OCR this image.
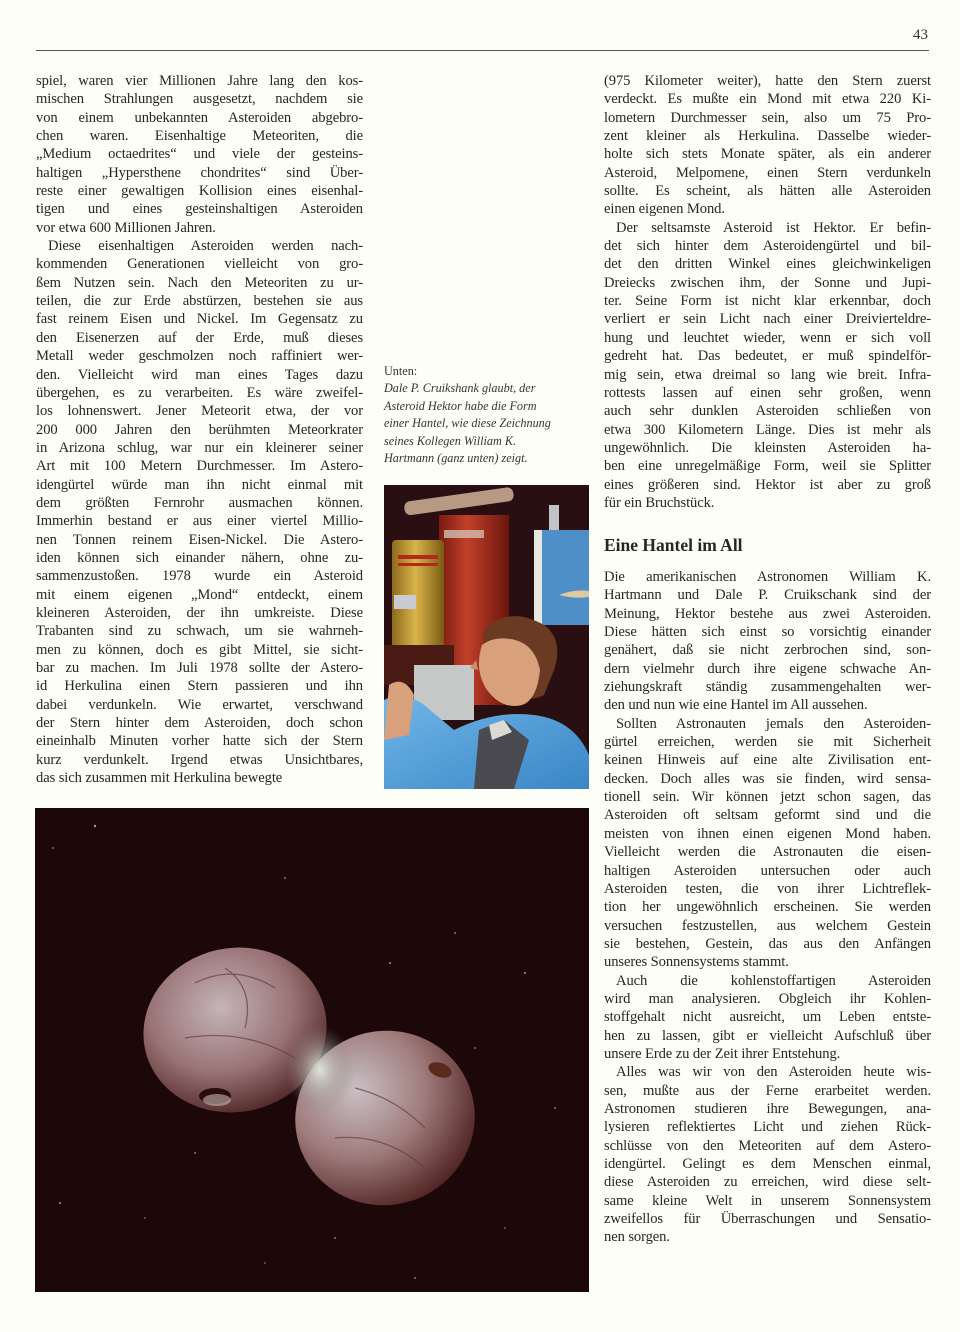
43
spiel, waren vier Millionen Jahre lang den kos-
mischen Strahlungen ausgesetzt, nachdem sie
von einem unbekannten Asteroiden abgebro-
chen waren. Eisenhaltige Meteoriten, die
„Medium octaedrites“ und viele der gesteins-
haltigen „Hypersthene chondrites“ sind Über-
reste einer gewaltigen Kollision eines eisenhal-
tigen und eines gesteinshaltigen Asteroiden
vor etwa 600 Millionen Jahren.
Diese eisenhaltigen Asteroiden werden nach-
kommenden Generationen vielleicht von gro-
ßem Nutzen sein. Nach den Meteoriten zu ur-
teilen, die zur Erde abstürzen, bestehen sie aus
fast reinem Eisen und Nickel. Im Gegensatz zu
den Eisenerzen auf der Erde, muß dieses
Metall weder geschmolzen noch raffiniert wer-
den. Vielleicht wird man eines Tages dazu
übergehen, es zu verarbeiten. Es wäre zweifel-
los lohnenswert. Jener Meteorit etwa, der vor
200 000 Jahren den berühmten Meteorkrater
in Arizona schlug, war nur ein kleinerer seiner
Art mit 100 Metern Durchmesser. Im Astero-
idengürtel würde man ihn nicht einmal mit
dem größten Fernrohr ausmachen können.
Immerhin bestand er aus einer viertel Millio-
nen Tonnen reinem Eisen-Nickel. Die Astero-
iden können sich einander nähern, ohne zu-
sammenzustoßen. 1978 wurde ein Asteroid
mit einem eigenen „Mond“ entdeckt, einem
kleineren Asteroiden, der ihn umkreiste. Diese
Trabanten sind zu schwach, um sie wahrneh-
men zu können, doch es gibt Mittel, sie sicht-
bar zu machen. Im Juli 1978 sollte der Astero-
id Herkulina einen Stern passieren und ihn
dabei verdunkeln. Wie erwartet, verschwand
der Stern hinter dem Asteroiden, doch schon
eineinhalb Minuten vorher hatte sich der Stern
kurz verdunkelt. Irgend etwas Unsichtbares,
das sich zusammen mit Herkulina bewegte
Unten:
Dale P. Cruikshank glaubt, der
Asteroid Hektor habe die Form
einer Hantel, wie diese Zeichnung
seines Kollegen William K.
Hartmann (ganz unten) zeigt.
(975 Kilometer weiter), hatte den Stern zuerst
verdeckt. Es mußte ein Mond mit etwa 220 Ki-
lometern Durchmesser sein, also um 75 Pro-
zent kleiner als Herkulina. Dasselbe wieder-
holte sich stets Monate später, als ein anderer
Asteroid, Melpomene, einen Stern verdunkeln
sollte. Es scheint, als hätten alle Asteroiden
einen eigenen Mond.
Der seltsamste Asteroid ist Hektor. Er befin-
det sich hinter dem Asteroidengürtel und bil-
det den dritten Winkel eines gleichwinkeligen
Dreiecks zwischen ihm, der Sonne und Jupi-
ter. Seine Form ist nicht klar erkennbar, doch
verliert er sein Licht nach einer Dreivierteldre-
hung und leuchtet wieder, wenn er sich voll
gedreht hat. Das bedeutet, er muß spindelför-
mig sein, etwa dreimal so lang wie breit. Infra-
rottests lassen auf einen sehr großen, wenn
auch sehr dunklen Asteroiden schließen von
etwa 300 Kilometern Länge. Dies ist mehr als
ungewöhnlich. Die kleinsten Asteroiden ha-
ben eine unregelmäßige Form, weil sie Splitter
eines größeren sind. Hektor ist aber zu groß
für ein Bruchstück.
Eine Hantel im All
Die amerikanischen Astronomen William K.
Hartmann und Dale P. Cruikschank sind der
Meinung, Hektor bestehe aus zwei Asteroiden.
Diese hätten sich einst so vorsichtig einander
genähert, daß sie nicht zerbrochen sind, son-
dern vielmehr durch ihre eigene schwache An-
ziehungskraft ständig zusammengehalten wer-
den und nun wie eine Hantel im All aussehen.
Sollten Astronauten jemals den Asteroiden-
gürtel erreichen, werden sie mit Sicherheit
keinen Hinweis auf eine alte Zivilisation ent-
decken. Doch alles was sie finden, wird sensa-
tionell sein. Wir können jetzt schon sagen, das
Asteroiden oft seltsam geformt sind und die
meisten von ihnen einen eigenen Mond haben.
Vielleicht werden die Astronauten die eisen-
haltigen Asteroiden untersuchen oder auch
Asteroiden testen, die von ihrer Lichtreflek-
tion her ungewöhnlich erscheinen. Sie werden
versuchen festzustellen, aus welchem Gestein
sie bestehen, Gestein, das aus den Anfängen
unseres Sonnensystems stammt.
Auch die kohlenstoffartigen Asteroiden
wird man analysieren. Obgleich ihr Kohlen-
stoffgehalt nicht ausreicht, um Leben entste-
hen zu lassen, gibt er vielleicht Aufschluß über
unsere Erde zu der Zeit ihrer Entstehung.
Alles was wir von den Asteroiden heute wis-
sen, mußte aus der Ferne erarbeitet werden.
Astronomen studieren ihre Bewegungen, ana-
lysieren reflektiertes Licht und ziehen Rück-
schlüsse von den Meteoriten auf dem Astero-
idengürtel. Gelingt es dem Menschen einmal,
diese Asteroiden zu erreichen, wird diese selt-
same kleine Welt in unserem Sonnensystem
zweifellos für Überraschungen und Sensatio-
nen sorgen.
